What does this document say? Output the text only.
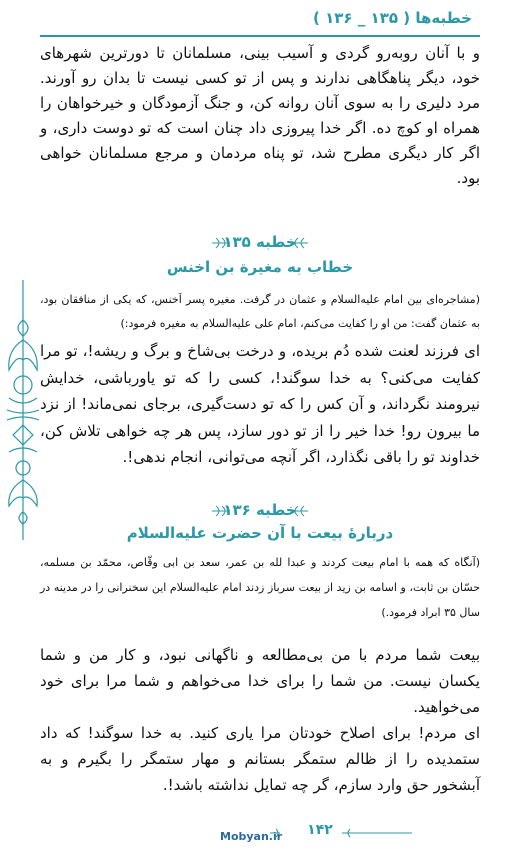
خطبه‌ها ( ۱۳۵ _ ۱۳۶ )

و با آنان روبه‌رو گردی و آسیب بینی، مسلمانان تا دورترین شهرهای خود، دیگر پناهگاهی ندارند و پس از تو کسی نیست تا بدان رو آورند. مرد دلیری را به سوی آنان روانه کن، و جنگ آزمودگان و خیرخواهان را همراه او کوچ ده. اگر خدا پیروزی داد چنان است که تو دوست داری، و اگر کار دیگری مطرح شد، تو پناه مردمان و مرجع مسلمانان خواهی بود.

خطبه ۱۳۵
خطاب به مغیرة بن اخنس

(مشاجره‌ای بین امام علیه‌السلام و عثمان در گرفت. مغیره پسر اَخنس، که یکی از منافقان بود، به عثمان گفت: من او را کفایت می‌کنم، امام علی علیه‌السلام به مغیره فرمود:)

ای فرزند لعنت شده دُم بریده، و درخت بی‌شاخ و برگ و ریشه!، تو مرا کفایت می‌کنی؟ به خدا سوگند!، کسی را که تو یاورباشی، خدایش نیرومند نگرداند، و آن کس را که تو دست‌گیری، برجای نمی‌ماند! از نزد ما بیرون رو! خدا خیر را از تو دور سازد، پس هر چه خواهی تلاش کن، خداوند تو را باقی نگذارد، اگر آنچه می‌توانی، انجام ندهی!.

خطبه ۱۳۶
دربارهٔ بیعت با آن حضرت علیه‌السلام

(آنگاه که همه با امام بیعت کردند و عبدا لله بن عمر، سعد بن ابی وقّاص، محمّد بن مسلمه، حسّان بن ثابت، و اسامه بن زید از بیعت سرباز زدند امام علیه‌السلام این سخنرانی را در مدینه در سال ۳۵ ابراد فرمود.)

بیعت شما مردم با من بی‌مطالعه و ناگهانی نبود، و کار من و شما یکسان نیست. من شما را برای خدا می‌خواهم و شما مرا برای خود می‌خواهید.

ای مردم! برای اصلاح خودتان مرا یاری کنید. به خدا سوگند! که داد ستمدیده را از ظالم ستمگر بستانم و مهار ستمگر را بگیرم و به آبشخور حق وارد سازم، گر چه تمایل نداشته باشد!.

Mobyan.ir	۱۴۲
